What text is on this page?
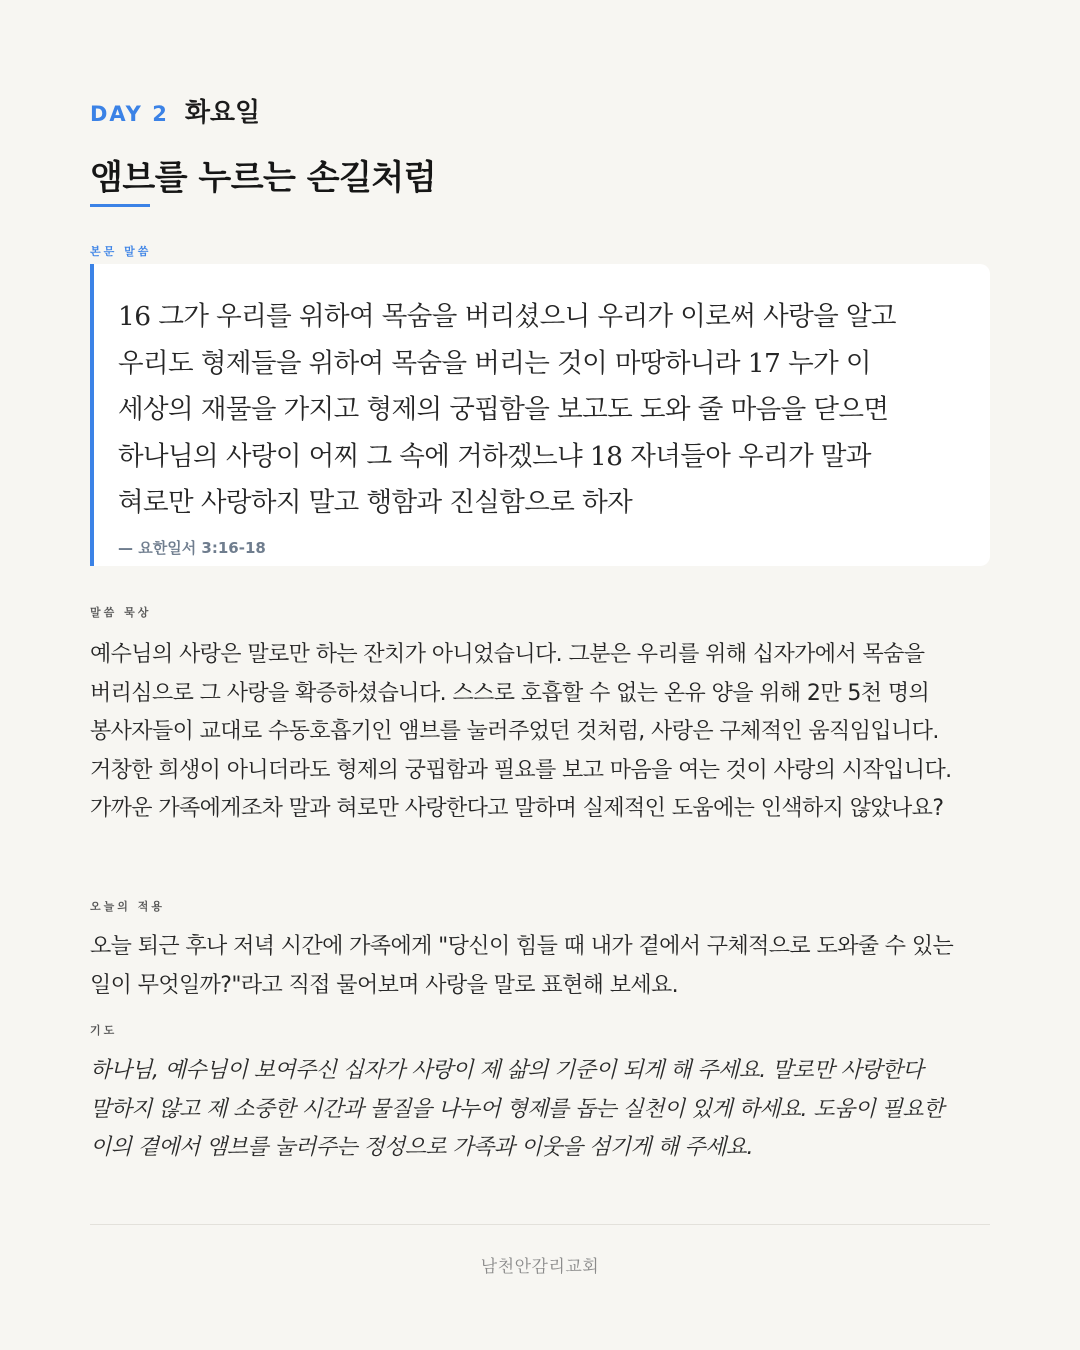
DAY 2 화요일
앰브를 누르는 손길처럼
본문 말씀

16 그가 우리를 위하여 목숨을 버리셨으니 우리가 이로써 사랑을 알고 우리도 형제들을 위하여 목숨을 버리는 것이 마땅하니라 17 누가 이 세상의 재물을 가지고 형제의 궁핍함을 보고도 도와 줄 마음을 닫으면 하나님의 사랑이 어찌 그 속에 거하겠느냐 18 자녀들아 우리가 말과 혀로만 사랑하지 말고 행함과 진실함으로 하자

— 요한일서 3:16-18
말씀 묵상

예수님의 사랑은 말로만 하는 잔치가 아니었습니다. 그분은 우리를 위해 십자가에서 목숨을 버리심으로 그 사랑을 확증하셨습니다. 스스로 호흡할 수 없는 온유 양을 위해 2만 5천 명의 봉사자들이 교대로 수동호흡기인 앰브를 눌러주었던 것처럼, 사랑은 구체적인 움직임입니다. 거창한 희생이 아니더라도 형제의 궁핍함과 필요를 보고 마음을 여는 것이 사랑의 시작입니다. 가까운 가족에게조차 말과 혀로만 사랑한다고 말하며 실제적인 도움에는 인색하지 않았나요?

오늘의 적용

오늘 퇴근 후나 저녁 시간에 가족에게 "당신이 힘들 때 내가 곁에서 구체적으로 도와줄 수 있는 일이 무엇일까?"라고 직접 물어보며 사랑을 말로 표현해 보세요.

기도

하나님, 예수님이 보여주신 십자가 사랑이 제 삶의 기준이 되게 해 주세요. 말로만 사랑한다 말하지 않고 제 소중한 시간과 물질을 나누어 형제를 돕는 실천이 있게 하세요. 도움이 필요한 이의 곁에서 앰브를 눌러주는 정성으로 가족과 이웃을 섬기게 해 주세요.

남천안감리교회
